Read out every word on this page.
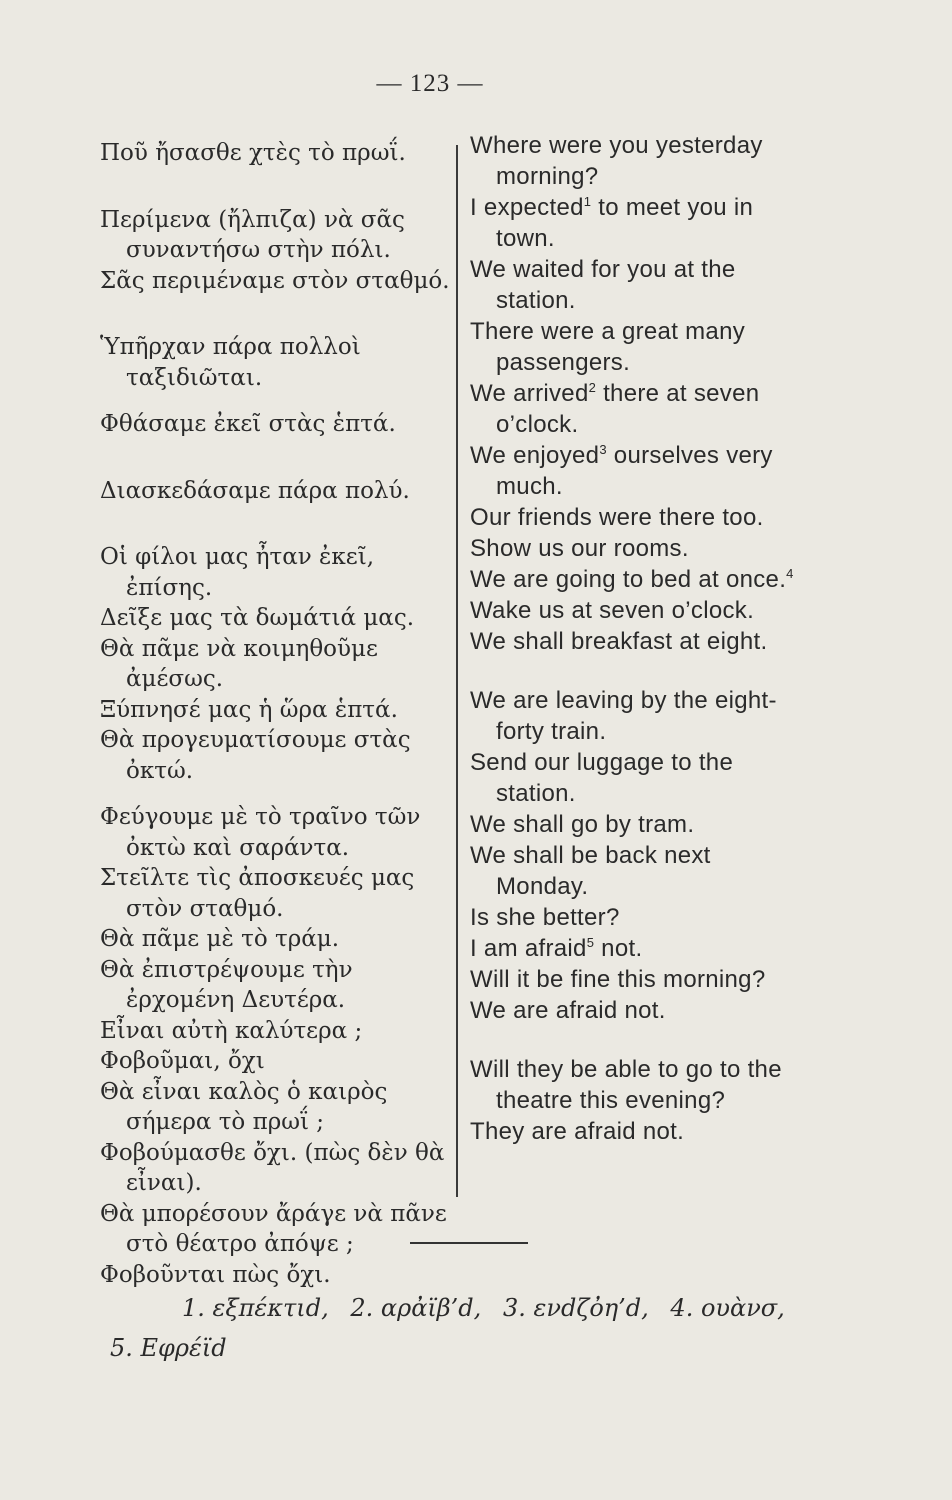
— 123 —
Ποῦ ἤσασθε χτὲς τὸ πρωΐ.
Περίμενα (ἤλπιζα) νὰ σᾶς συναντήσω στὴν πόλι.
Σᾶς περιμέναμε στὸν σταθμό.
Ὑπῆρχαν πάρα πολλοὶ ταξιδιῶται.
Φθάσαμε ἐκεῖ στὰς ἑπτά.
Διασκεδάσαμε πάρα πολύ.
Οἱ φίλοι μας ἦταν ἐκεῖ, ἐπίσης.
Δεῖξε μας τὰ δωμάτιά μας.
Θὰ πᾶμε νὰ κοιμηθοῦμε ἀμέσως.
Ξύπνησέ μας ἡ ὥρα ἑπτά.
Θὰ προγευματίσουμε στὰς ὀκτώ.
Φεύγουμε μὲ τὸ τραῖνο τῶν ὀκτὼ καὶ σαράντα.
Στεῖλτε τὶς ἀποσκευές μας στὸν σταθμό.
Θὰ πᾶμε μὲ τὸ τράμ.
Θὰ ἐπιστρέψουμε τὴν ἐρχομένη Δευτέρα.
Εἶναι αὐτὴ καλύτερα ;
Φοβοῦμαι, ὄχι
Θὰ εἶναι καλὸς ὁ καιρὸς σήμερα τὸ πρωΐ ;
Φοβούμασθε ὄχι. (πὼς δὲν θὰ εἶναι).
Θὰ μπορέσουν ἄράγε νὰ πᾶνε στὸ θέατρο ἀπόψε ;
Φοβοῦνται πὼς ὄχι.
Where were you yesterday morning?
I expected$^1$ to meet you in town.
We waited for you at the station.
There were a great many passengers.
We arrived$^2$ there at seven o’clock.
We enjoyed$^3$ ourselves very much.
Our friends were there too.
Show us our rooms.
We are going to bed at once.$^4$
Wake us at seven o’clock.
We shall breakfast at eight.
We are leaving by the eight-forty train.
Send our luggage to the station.
We shall go by tram.
We shall be back next Monday.
Is she better?
I am afraid$^5$ not.
Will it be fine this morning?
We are afraid not.
Will they be able to go to the theatre this evening?
They are afraid not.
1. εξπέκτιd, 2. αρἀϊβ’d, 3. ενdζὀη’d, 4. ουὰνσ,
5. Εφρέϊd
